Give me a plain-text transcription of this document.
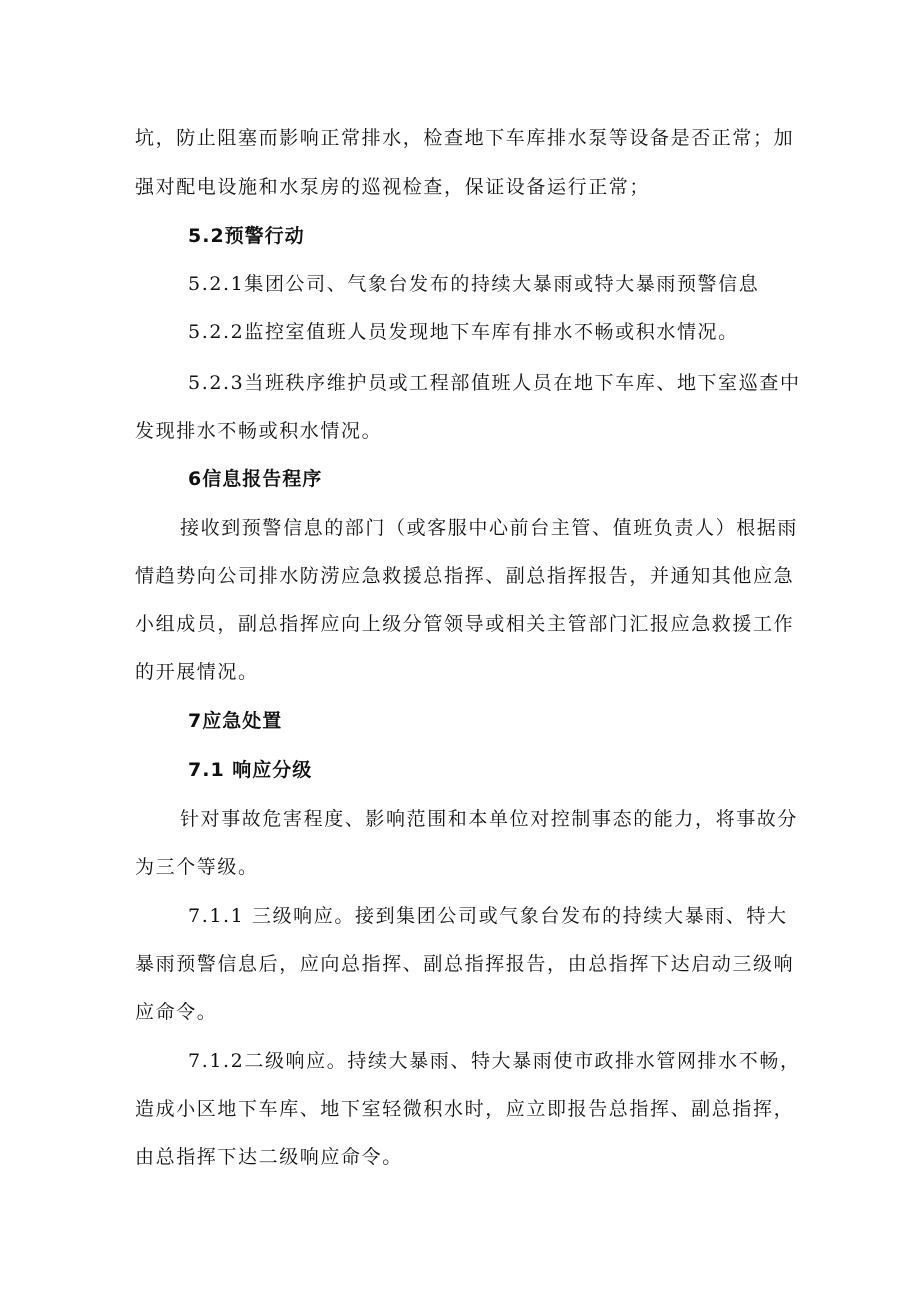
坑，防止阻塞而影响正常排水，检查地下车库排水泵等设备是否正常；加

强对配电设施和水泵房的巡视检查，保证设备运行正常；

5.2预警行动

5.2.1集团公司、气象台发布的持续大暴雨或特大暴雨预警信息

5.2.2监控室值班人员发现地下车库有排水不畅或积水情况。

5.2.3当班秩序维护员或工程部值班人员在地下车库、地下室巡查中

发现排水不畅或积水情况。

6信息报告程序

接收到预警信息的部门（或客服中心前台主管、值班负责人）根据雨

情趋势向公司排水防涝应急救援总指挥、副总指挥报告，并通知其他应急

小组成员，副总指挥应向上级分管领导或相关主管部门汇报应急救援工作

的开展情况。

7应急处置

7.1 响应分级

针对事故危害程度、影响范围和本单位对控制事态的能力，将事故分

为三个等级。

7.1.1 三级响应。接到集团公司或气象台发布的持续大暴雨、特大

暴雨预警信息后，应向总指挥、副总指挥报告，由总指挥下达启动三级响

应命令。

7.1.2二级响应。持续大暴雨、特大暴雨使市政排水管网排水不畅，

造成小区地下车库、地下室轻微积水时，应立即报告总指挥、副总指挥，

由总指挥下达二级响应命令。
